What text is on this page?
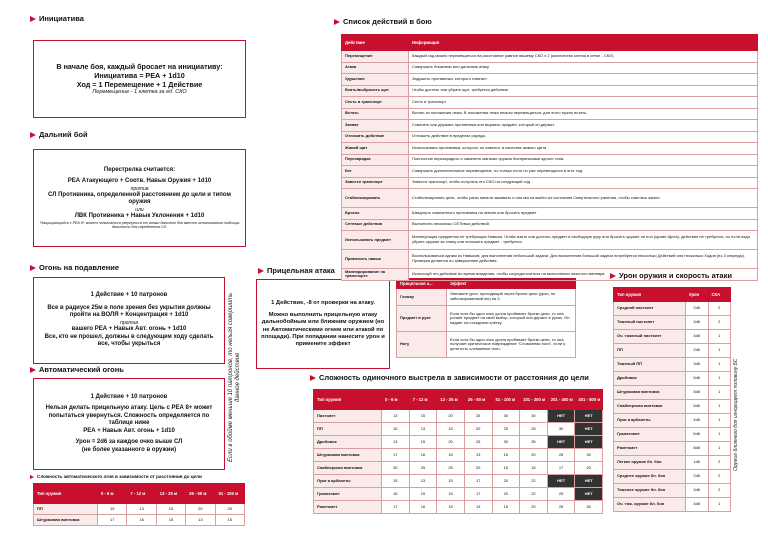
Инициатива
В начале боя, каждый бросает на инициативу:
Инициатива = РЕА + 1d10
Ход = 1 Перемещение + 1 Действие
Перемещение - 1 клетка за ед. СКО
Дальний бой
Перестрелка считается:
РЕА Атакующего + Соотв. Навык Оружия + 1d10
против
СЛ Противника, определенной расстоянием до цели и типом оружия
или
ЛВК Противника + Навык Уклонения + 1d10
*Защищающийся с РЕА 8+ может попытаться увернуться от атаки дальнего боя вместо использования таблицы дальности для определения СЛ.
Огонь на подавление
1 Действие + 10 патронов
Все в радиусе 25м в поле зрения без укрытия должны пройти на ВОЛЯ + Концентрация + 1d10
против
вашего РЕА + Навык Авт. огонь + 1d10
Все, кто не прошел, должны в следующем ходу сделать все, чтобы укрыться
Автоматический огонь
1 Действие + 10 патронов
Нельзя делать прицельную атаку. Цель с РЕА 8+ может попытаться увернуться. Сложность определяется по таблице ниже
РЕА + Навык Авт. огонь + 1d10
Урон = 2d6 за каждое очко выше СЛ
(не более указанного в оружии)	Если в обойме меньше 10 патронов, то нельзя совершить данное действие
Сложность автоматического огня в зависимости от расстояния до цели
Тип оружия	0 - 6 м	7 - 12 м	13 - 25 м	26 - 50 м	51 - 100 м
ПП	15	13	15	20	25
Штурмовая винтовка	17	16	15	13	15
Прицельная атака
1 Действие, -8 от проверки на атаку.
Можно выполнить прицельную атаку дальнобойным или ближним оружием (но не Автоматическими огнем или атакой по площади). При попадании нанесите урон и примените эффект
Прицельная а...	Эффект
Голову	Умножьте урон, проходящий через броню цели (урон, не заблокированный ею) на 2.
Предмет в руке	Если хотя бы одно очко урона пробивает броню цели, то она роняет предмет на свой выбор, который она держит в руках. Он падает на соседнюю клетку.
Ногу	Если хотя бы одно очко урона пробивает броню цели, то она получает критическое повреждение "Сломанная нога", если у цели есть сломанные ноги.
Список действий в бою
Действие	Информация
Перемещение	Каждый ход можно перемещаться на расстояние равное вашему СКО x 2 (количество клеток в сетке - СКО)
Атака	Совершить ближнюю или дальнюю атаку
Удушение	Задушить противника, которого схватил
Взять/выбросить щит	Чтобы достать или убрать щит, требуется действие.
Сесть в транспорт	Сесть в транспорт
Встать	Встать из положения лежа. В положении лежа нельзя перемещаться, для этого нужно встать.
Захват	Схватить или держать противника или вырвать предмет, который он держит.
Отложить действие	Отложить действие в пределах раунда.
Живой щит	Использовать противника, которого ты схватил, в качестве живого щита
Перезарядка	Полностью перезарядить и заменить магазин оружия боеприпасами одного типа.
Бег	Совершить дополнительное перемещение, но только если ты уже перемещался в этот ход
Завести транспорт	Завести транспорт, чтобы получить его СКО на следующий ход
Стабилизировать	Стабилизировать цель, чтобы раны начали заживать и она могла выйти из состояния Смертельного ранения, чтобы спастись жизни
Бросок	Швырнуть схваченного противника на землю или бросить предмет
Сетевые действия	Выполнить несколько СЕТевых действий.
Использовать предмет	Манипуляция предметом не требующая Навыка. Чтобы взять или достать предмет в свободную руку или бросить оружие на пол (кроме Щита), действие не требуется, но если надо убрать оружие за спину или положить предмет - требуется.
Применить навык	Воспользоваться одним из Навыков, для выполнения небольшой задачи. Для выполнения большой задачи потребуется несколько Действий или несколько Ходов (по 3 секунды). Проверка делается по завершению действия.
Маневрирование на транспорте	Используй это действие во время вождения, чтобы сосредоточиться на выполнении опасного маневра Урон оружия и скорость атаки
Тип оружия	Урон	СКА
Средний пистолет	2d6	2
Тяжелый пистолет	3d6	2
Оч. тяжелый пистолет	4d6	1
ПП	2d6	1
Тяжелый ПП	3d6	1
Дробовик	5d6	1
Штурмовая винтовка	5d6	1
Снайперская винтовка	5d6	1
Луки и арбалеты	4d6	1
Гранатомет	6d6	1
Ракетомет	8d6	1
Легкое оружие бл. боя	1d6	2
Среднее оружие бл. боя	2d6	2
Тяжелое оружие бл. боя	3d6	2
Оч. тяж. оружие бл. боя	4d6	1
Оружие ближнего боя игнорирует половину БС
Сложность одиночного выстрела в зависимости от расстояния до цели
Тип оружия	0 - 6 м	7 - 12 м	13 - 25 м	26 - 50 м	51 - 100 м	101 - 200 м	201 - 400 м	401 - 800 м
Пистолет	13	15	20	25	30	30	НЕТ	НЕТ
ПП	15	13	15	20	25	25	30	НЕТ
Дробовик	13	15	20	25	30	35	НЕТ	НЕТ
Штурмовая винтовка	17	16	15	13	15	20	25	30
Снайперская винтовка	30	25	25	20	15	16	17	20
Луки и арбалеты	15	13	15	17	20	22	НЕТ	НЕТ
Гранатомет	16	15	15	17	20	22	25	НЕТ
Ракетомет	17	16	15	13	15	20	25	30
